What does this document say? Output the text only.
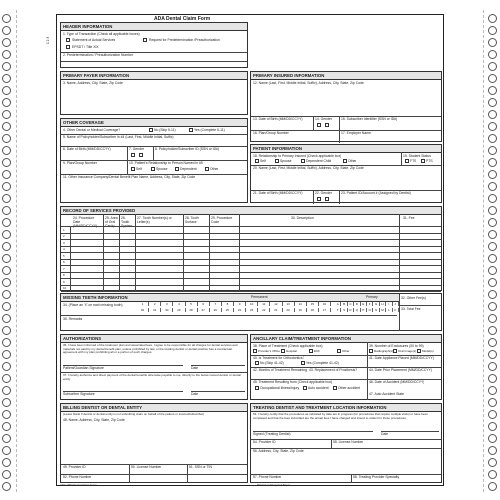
1 2 3
ADA Dental Claim Form
HEADER INFORMATION
1. Type of Transaction (Check all applicable boxes)
Statement of Actual Services	Request for Predetermination /Preauthorization
EPSDT / Title XIX
2. Predetermination / Preauthorization Number
PRIMARY PAYER INFORMATION
3. Name, Address, City, State, Zip Code
OTHER COVERAGE
4. Other Dental or Medical Coverage?	No (Skip 5-11)	Yes (Complete 5-11)
5. Name of Policyholder/Subscriber in #4 (Last, First, Middle Initial, Suffix)
6. Date of Birth (MM/DD/CCYY)	7. Gender	8. Policyholder/Subscriber ID (SSN or ID#)
9. Plan/Group Number	10. Patient's Relationship to Person Named in #5
Self	Spouse	Dependent	Other
11. Other Insurance Company/Dental Benefit Plan Name, Address, City, State, Zip Code
PRIMARY INSURED INFORMATION
12. Name (Last, First, Middle Initial, Suffix), Address, City, State, Zip Code
13. Date of Birth (MM/DD/CCYY)	14. Gender	15. Subscriber Identifier (SSN or ID#)
16. Plan/Group Number	17. Employer Name
PATIENT INFORMATION
18. Relationship to Primary Insured (Check applicable box)	19. Student Status
Self	Spouse	Dependent Child	Other	FTS	PTS
20. Name (Last, First, Middle Initial, Suffix), Address, City, State, Zip Code
21. Date of Birth (MM/DD/CCYY)	22. Gender	23. Patient ID/Account # (Assigned by Dentist)
RECORD OF SERVICES PROVIDED
24. Procedure Date (MM/DD/CCYY)
25. Area of Oral Cavity
26. Tooth System
27. Tooth Number(s) or Letter(s)
28. Tooth Surface
29. Procedure Code
30. Description	31. Fee
1
2
3
4
5
6
7
8
9
10
MISSING TEETH INFORMATION	Permanent	Primary
34. (Place an 'X' on each missing tooth)	1	2	3	4	5	6	7	8	9	10	11	12	13	14	15	16
32	31	30	29	28	27	26	25	24	23	22	21	20	19	18	17
A	B	C	D	E	F	G	H	I	J
T	S	R	Q	P	O	N	M	L	K
32. Other Fee(s)
33. Total Fee
35. Remarks
AUTHORIZATIONS
36. I have been informed of the treatment plan and associated fees. I agree to be responsible for all charges for dental services and materials not paid by my dental benefit plan, unless prohibited by law, or the treating dentist or dental practice has a contractual agreement with my plan prohibiting all or a portion of such charges.
Patient/Guardian Signature	Date
37. I hereby authorize and direct payment of the dental benefits otherwise payable to me, directly to the below named dentist or dental entity.
Subscriber Signature	Date
BILLING DENTIST OR DENTAL ENTITY
(Leave blank if dentist or dental entity is not submitting claim on behalf of the patient or insured/subscriber)
48. Name, Address, City, State, Zip Code
49. Provider ID	50. License Number	51. SSN or TIN
52. Phone Number
ANCILLARY CLAIM/TREATMENT INFORMATION
38. Place of Treatment (Check applicable box)	39. Number of Enclosures (00 to 99)
Provider's Office Hospital	ECF	Other	Radiograph(s) Oral Image(s) Model(s)
40. Is Treatment for Orthodontics?
No (Skip 41-42)	Yes (Complete 41-42)
41. Date Appliance Placed (MM/DD/CCYY)
42. Months of Treatment Remaining 43. Replacement of Prosthesis?	44. Date Prior Placement (MM/DD/CCYY)
45. Treatment Resulting from (Check applicable box)
Occupational illness/injury	Auto accident	Other accident
46. Date of Accident (MM/DD/CCYY)
47. Auto Accident State
TREATING DENTIST AND TREATMENT LOCATION INFORMATION
53. I hereby certify that the procedures as indicated by date are in progress (for procedures that require multiple visits) or have been completed and that the fees submitted are the actual fees I have charged and intend to collect for those procedures.
Signed (Treating Dentist)	Date
54. Provider ID	55. License Number
56. Address, City, State, Zip Code
57. Phone Number	58. Treating Provider Specialty
ADA 1994 Dental Claim Form	Printed on Recycled Paper
